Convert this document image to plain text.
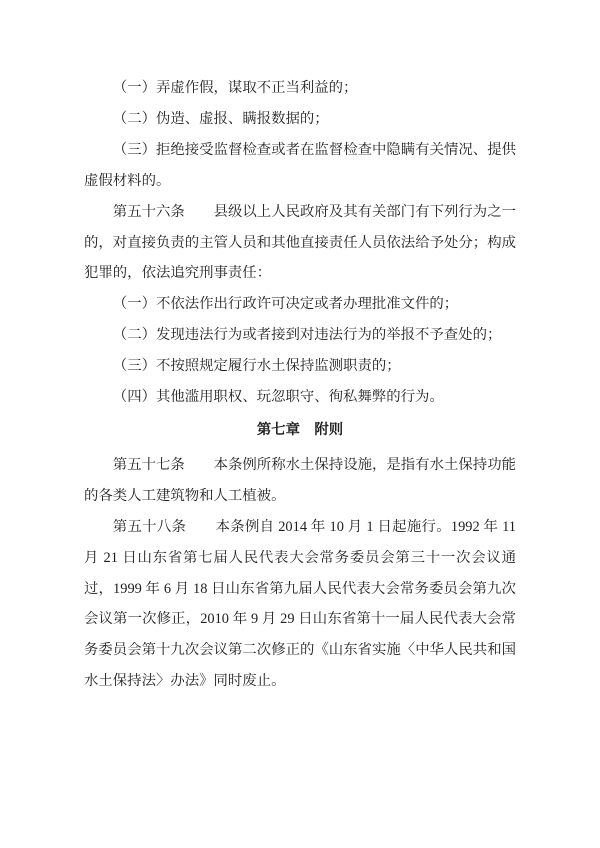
（一）弄虚作假，谋取不正当利益的；

（二）伪造、虚报、瞒报数据的；

（三）拒绝接受监督检查或者在监督检查中隐瞒有关情况、提供虚假材料的。

第五十六条　　县级以上人民政府及其有关部门有下列行为之一的，对直接负责的主管人员和其他直接责任人员依法给予处分；构成犯罪的，依法追究刑事责任：

（一）不依法作出行政许可决定或者办理批准文件的；

（二）发现违法行为或者接到对违法行为的举报不予查处的；

（三）不按照规定履行水土保持监测职责的；

（四）其他滥用职权、玩忽职守、徇私舞弊的行为。

第七章　附则

第五十七条　　本条例所称水土保持设施，是指有水土保持功能的各类人工建筑物和人工植被。

第五十八条　　本条例自 2014 年 10 月 1 日起施行。1992 年 11 月 21 日山东省第七届人民代表大会常务委员会第三十一次会议通过，1999 年 6 月 18 日山东省第九届人民代表大会常务委员会第九次会议第一次修正，2010 年 9 月 29 日山东省第十一届人民代表大会常务委员会第十九次会议第二次修正的《山东省实施〈中华人民共和国水土保持法〉办法》同时废止。
